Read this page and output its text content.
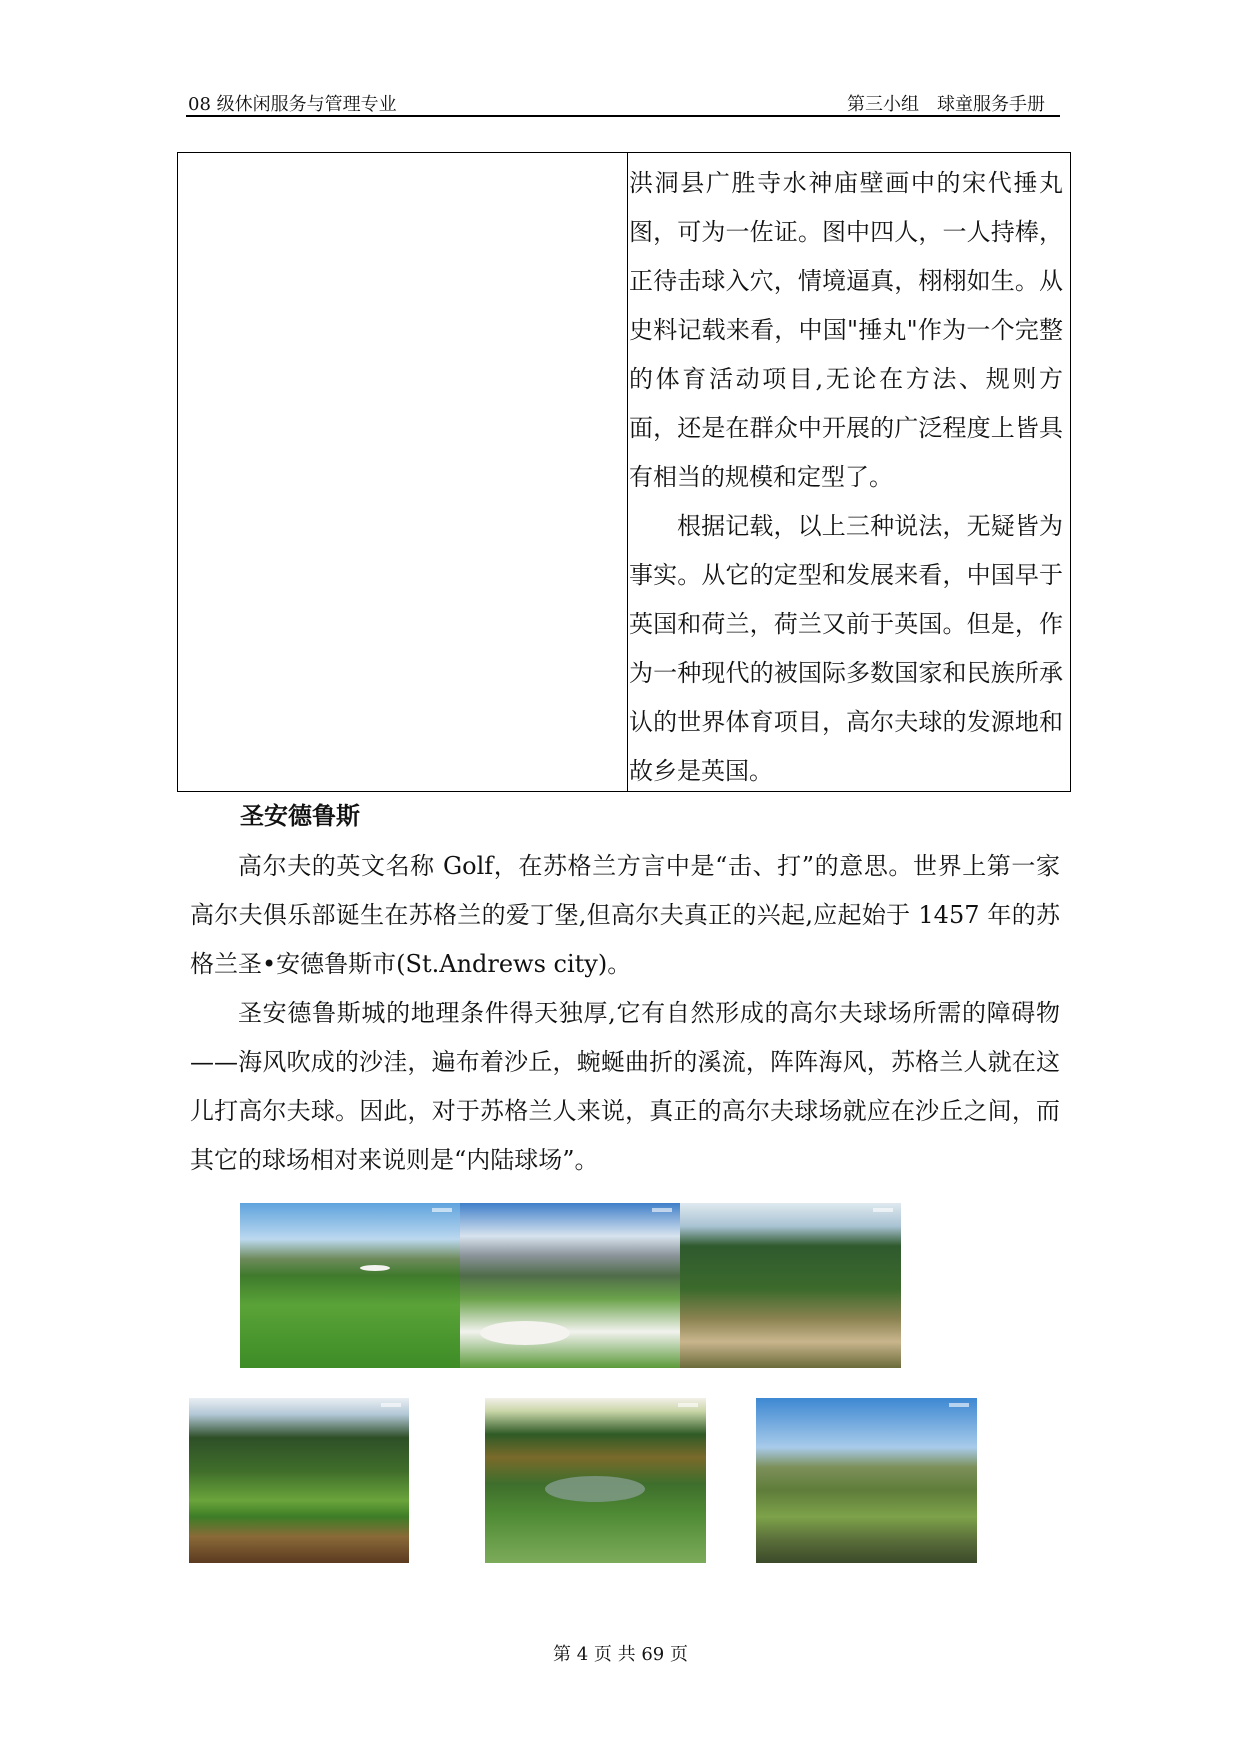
08 级休闲服务与管理专业	第三小组　球童服务手册

洪洞县广胜寺水神庙壁画中的宋代捶丸图，可为一佐证。图中四人，一人持棒，正待击球入穴，情境逼真，栩栩如生。从史料记载来看，中国"捶丸"作为一个完整的体育活动项目,无论在方法、规则方面，还是在群众中开展的广泛程度上皆具有相当的规模和定型了。

根据记载，以上三种说法，无疑皆为事实。从它的定型和发展来看，中国早于英国和荷兰，荷兰又前于英国。但是，作为一种现代的被国际多数国家和民族所承认的世界体育项目，高尔夫球的发源地和故乡是英国。

圣安德鲁斯

高尔夫的英文名称 Golf，在苏格兰方言中是“击、打”的意思。世界上第一家高尔夫俱乐部诞生在苏格兰的爱丁堡,但高尔夫真正的兴起,应起始于 1457 年的苏格兰圣•安德鲁斯市(St.Andrews city)。

圣安德鲁斯城的地理条件得天独厚,它有自然形成的高尔夫球场所需的障碍物——海风吹成的沙洼，遍布着沙丘，蜿蜒曲折的溪流，阵阵海风，苏格兰人就在这儿打高尔夫球。因此，对于苏格兰人来说，真正的高尔夫球场就应在沙丘之间，而其它的球场相对来说则是“内陆球场”。

第 4 页 共 69 页
